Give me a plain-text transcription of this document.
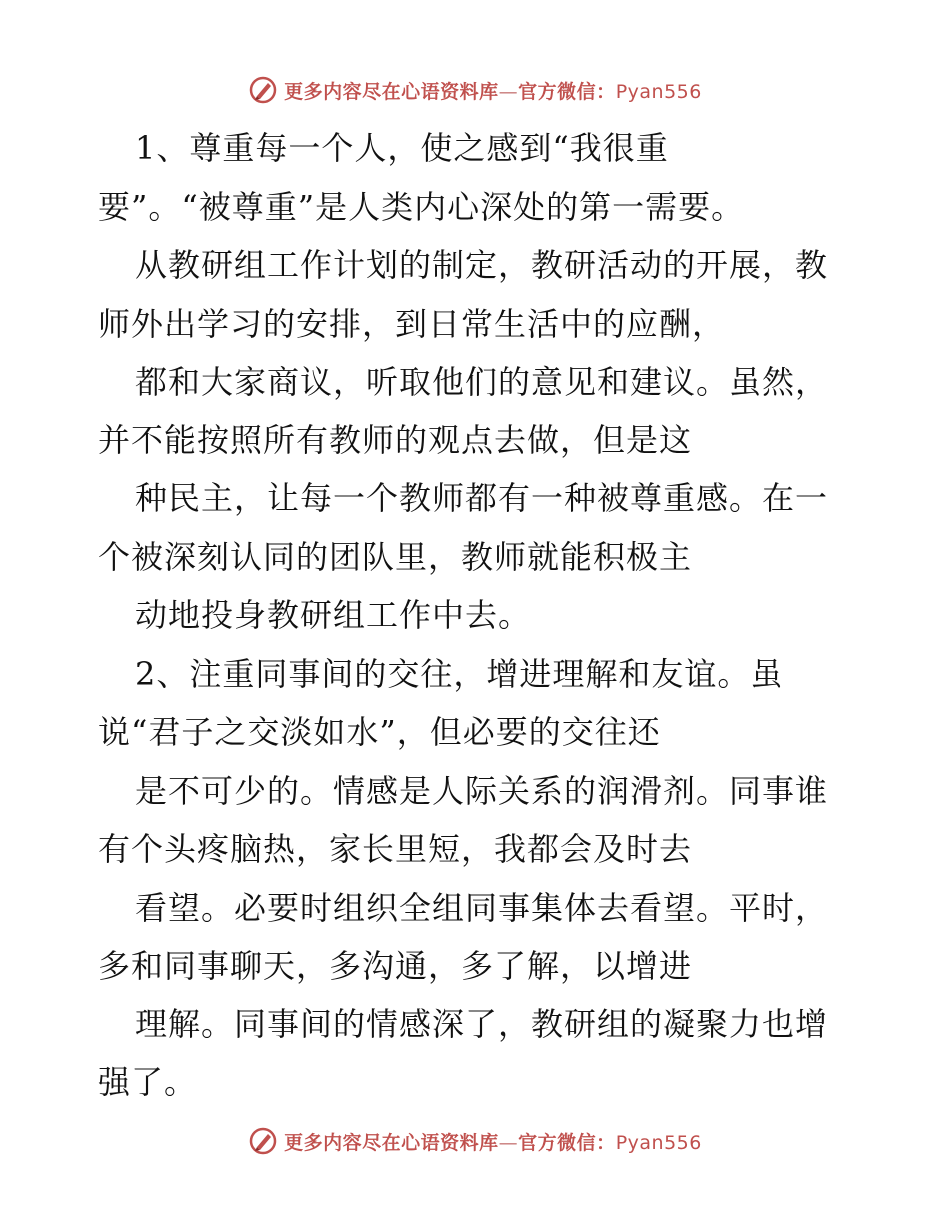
更多内容尽在心语资料库—官方微信：Pyan556
1、尊重每一个人，使之感到“我很重
要”。“被尊重”是人类内心深处的第一需要。
从教研组工作计划的制定，教研活动的开展，教
师外出学习的安排，到日常生活中的应酬，
都和大家商议，听取他们的意见和建议。虽然，
并不能按照所有教师的观点去做，但是这
种民主，让每一个教师都有一种被尊重感。在一
个被深刻认同的团队里，教师就能积极主
动地投身教研组工作中去。
2、注重同事间的交往，增进理解和友谊。虽
说“君子之交淡如水”，但必要的交往还
是不可少的。情感是人际关系的润滑剂。同事谁
有个头疼脑热，家长里短，我都会及时去
看望。必要时组织全组同事集体去看望。平时，
多和同事聊天，多沟通，多了解，以增进
理解。同事间的情感深了，教研组的凝聚力也增
强了。
更多内容尽在心语资料库—官方微信：Pyan556
